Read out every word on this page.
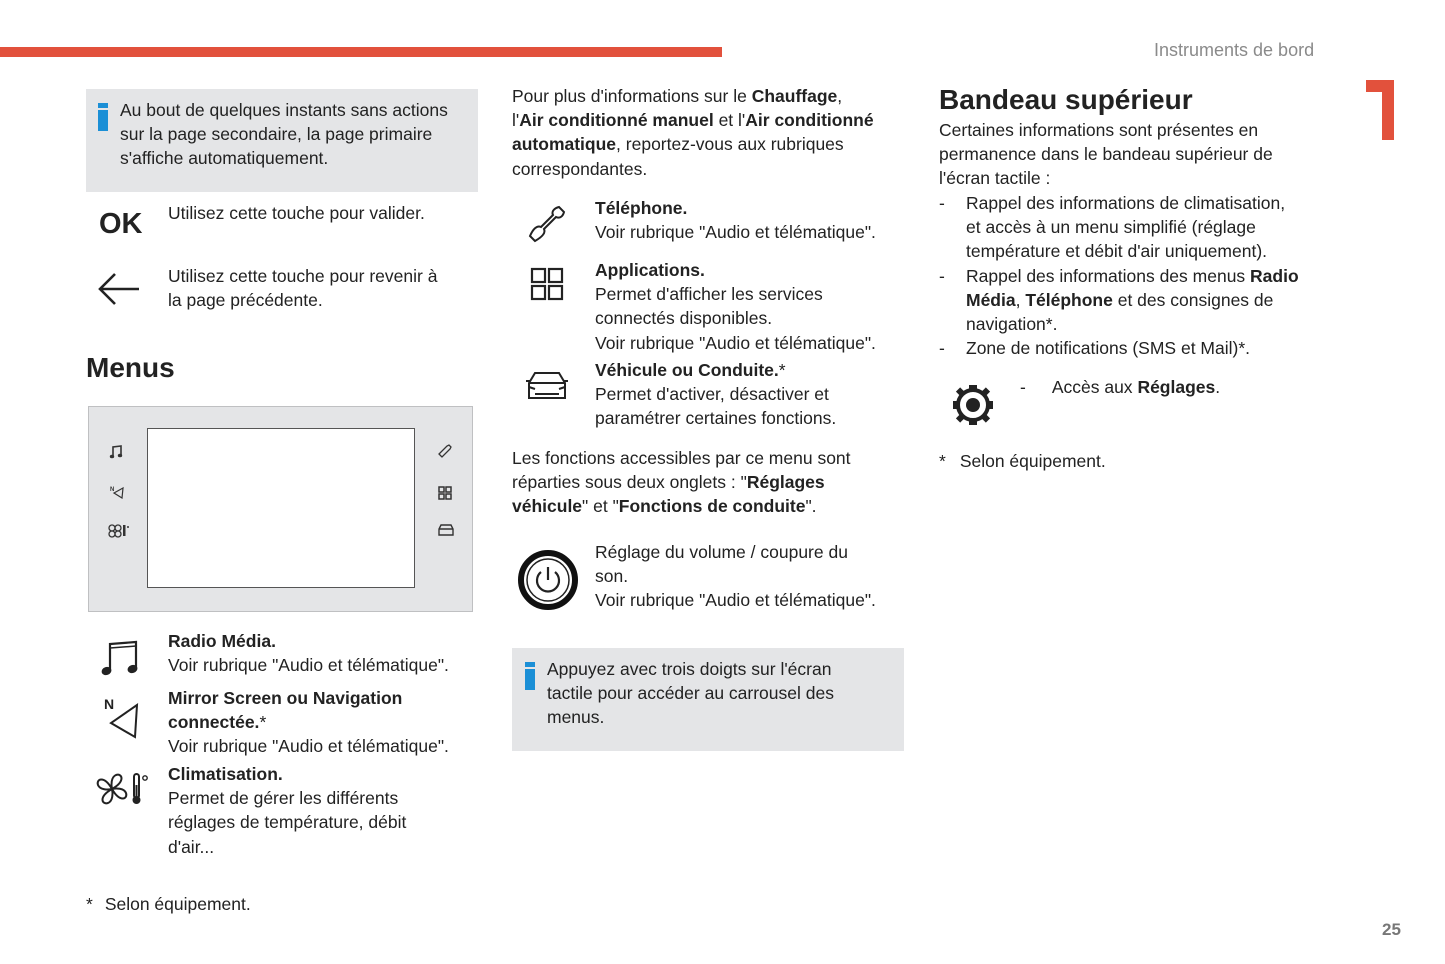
Instruments de bord
25
Au bout de quelques instants sans actions
sur la page secondaire, la page primaire
s'affiche automatiquement.
OK Utilisez cette touche pour valider.
Utilisez cette touche pour revenir à
la page précédente.
Menus
N
Radio Média.
Voir rubrique "Audio et télématique".
N	Mirror Screen ou Navigation
connectée.*
Voir rubrique "Audio et télématique".
Climatisation.
Permet de gérer les différents
réglages de température, débit
d'air...
* Selon équipement.
Pour plus d'informations sur le Chauffage,
l'Air conditionné manuel et l'Air conditionné
automatique, reportez-vous aux rubriques
correspondantes.
Téléphone.
Voir rubrique "Audio et télématique".
Applications.
Permet d'afficher les services
connectés disponibles.
Voir rubrique "Audio et télématique".
Véhicule ou Conduite.*
Permet d'activer, désactiver et
paramétrer certaines fonctions.
Les fonctions accessibles par ce menu sont
réparties sous deux onglets : "Réglages
véhicule" et "Fonctions de conduite".
Réglage du volume / coupure du
son.
Voir rubrique "Audio et télématique".
Appuyez avec trois doigts sur l'écran
tactile pour accéder au carrousel des
menus.
Bandeau supérieur
Certaines informations sont présentes en
permanence dans le bandeau supérieur de
l'écran tactile :
-	Rappel des informations de climatisation,
et accès à un menu simplifié (réglage
température et débit d'air uniquement).
-	Rappel des informations des menus Radio
Média, Téléphone et des consignes de
navigation*.
-	Zone de notifications (SMS et Mail)*.
- Accès aux Réglages.
* Selon équipement.
